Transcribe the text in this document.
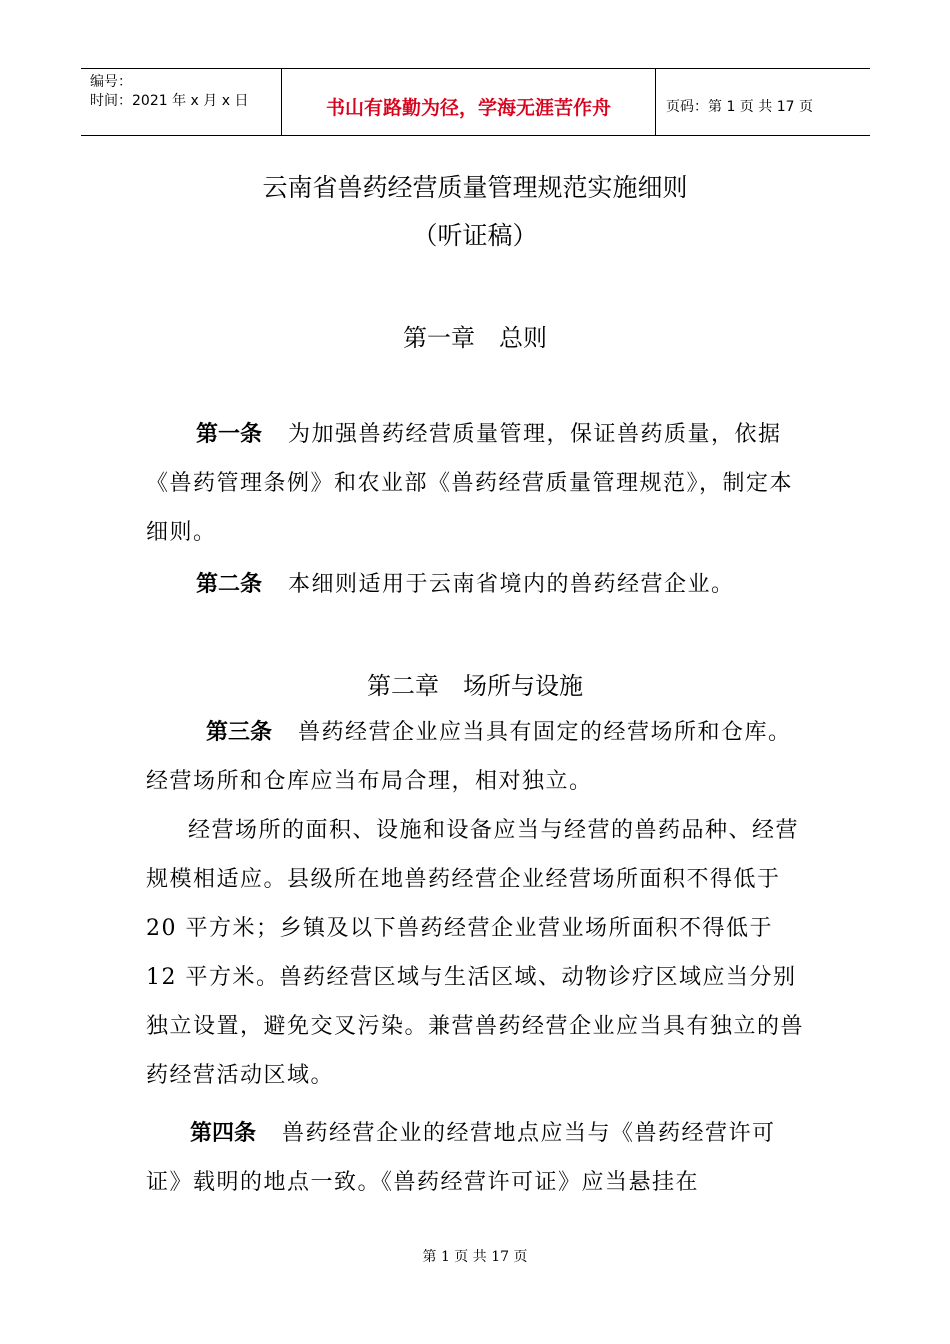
编号：
时间：2021 年 x 月 x 日	书山有路勤为径，学海无涯苦作舟	页码：第 1 页 共 17 页
云南省兽药经营质量管理规范实施细则
（听证稿）
第一章　总则
第一条 为加强兽药经营质量管理，保证兽药质量，依据《兽药管理条例》和农业部《兽药经营质量管理规范》，制定本细则。
第二条 本细则适用于云南省境内的兽药经营企业。
第二章　场所与设施
第三条 兽药经营企业应当具有固定的经营场所和仓库。经营场所和仓库应当布局合理，相对独立。
经营场所的面积、设施和设备应当与经营的兽药品种、经营规模相适应。县级所在地兽药经营企业经营场所面积不得低于 20 平方米；乡镇及以下兽药经营企业营业场所面积不得低于 12 平方米。兽药经营区域与生活区域、动物诊疗区域应当分别独立设置，避免交叉污染。兼营兽药经营企业应当具有独立的兽药经营活动区域。
第四条 兽药经营企业的经营地点应当与《兽药经营许可证》载明的地点一致。《兽药经营许可证》应当悬挂在
第 1 页 共 17 页
